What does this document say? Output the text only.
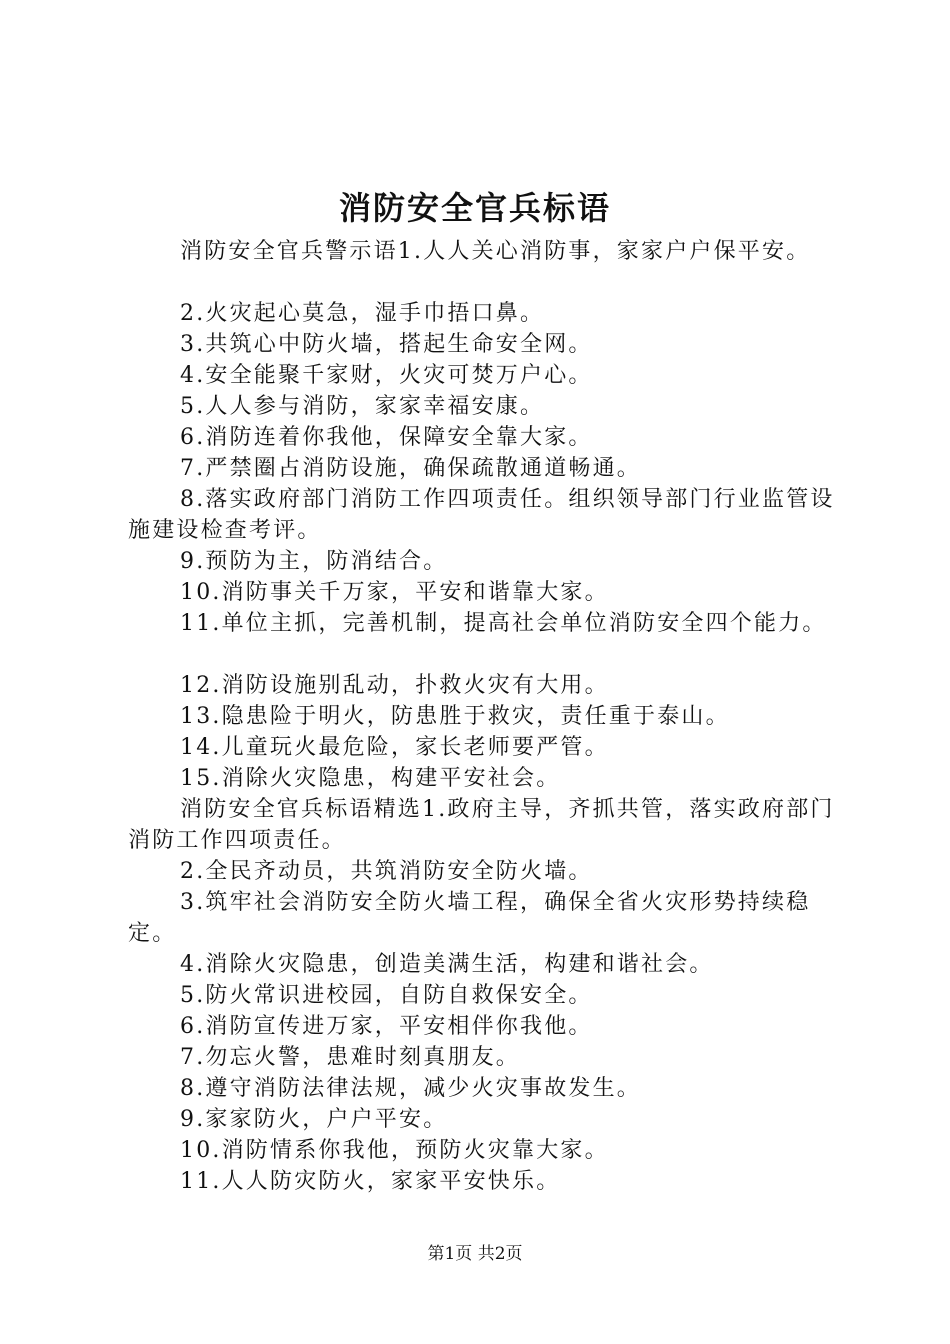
消防安全官兵标语

消防安全官兵警示语1.人人关心消防事，家家户户保平安。

2.火灾起心莫急，湿手巾捂口鼻。

3.共筑心中防火墙，搭起生命安全网。

4.安全能聚千家财，火灾可焚万户心。

5.人人参与消防，家家幸福安康。

6.消防连着你我他，保障安全靠大家。

7.严禁圈占消防设施，确保疏散通道畅通。

8.落实政府部门消防工作四项责任。组织领导部门行业监管设施建设检查考评。

9.预防为主，防消结合。

10.消防事关千万家，平安和谐靠大家。

11.单位主抓，完善机制，提高社会单位消防安全四个能力。

12.消防设施别乱动，扑救火灾有大用。

13.隐患险于明火，防患胜于救灾，责任重于泰山。

14.儿童玩火最危险，家长老师要严管。

15.消除火灾隐患，构建平安社会。

消防安全官兵标语精选1.政府主导，齐抓共管，落实政府部门消防工作四项责任。

2.全民齐动员，共筑消防安全防火墙。

3.筑牢社会消防安全防火墙工程，确保全省火灾形势持续稳定。

4.消除火灾隐患，创造美满生活，构建和谐社会。

5.防火常识进校园，自防自救保安全。

6.消防宣传进万家，平安相伴你我他。

7.勿忘火警，患难时刻真朋友。

8.遵守消防法律法规，减少火灾事故发生。

9.家家防火，户户平安。

10.消防情系你我他，预防火灾靠大家。

11.人人防灾防火，家家平安快乐。

第1页 共2页
